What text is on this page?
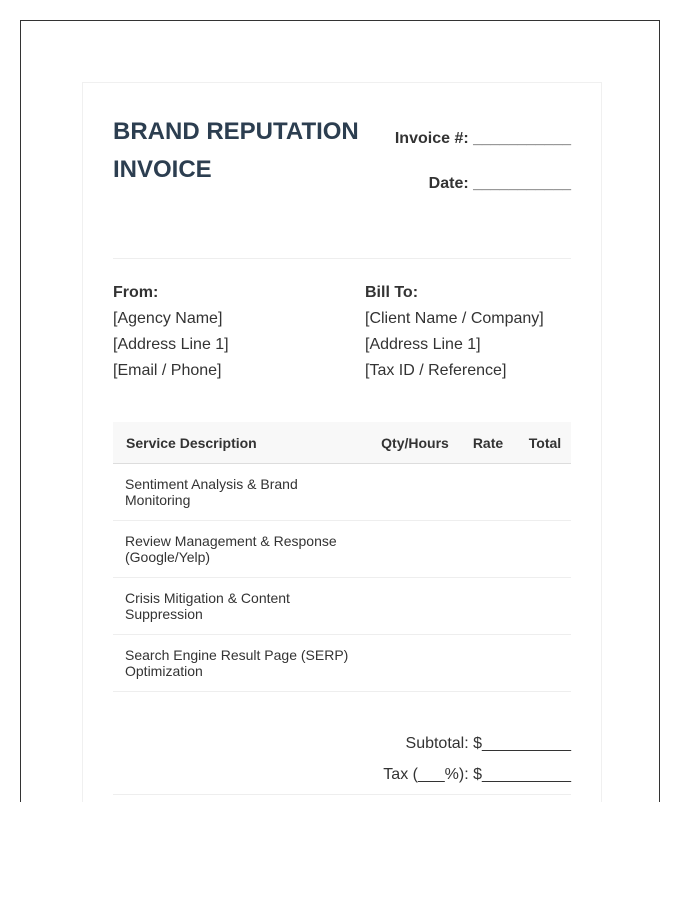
BRAND REPUTATION INVOICE
Invoice #: ___________
Date: ___________
From:
[Agency Name]
[Address Line 1]
[Email / Phone]
Bill To:
[Client Name / Company]
[Address Line 1]
[Tax ID / Reference]
Service Description	Qty/Hours	Rate	Total
Sentiment Analysis & Brand Monitoring			
Review Management & Response (Google/Yelp)			
Crisis Mitigation & Content Suppression			
Search Engine Result Page (SERP) Optimization			
Subtotal: $__________
Tax (___%): $__________
